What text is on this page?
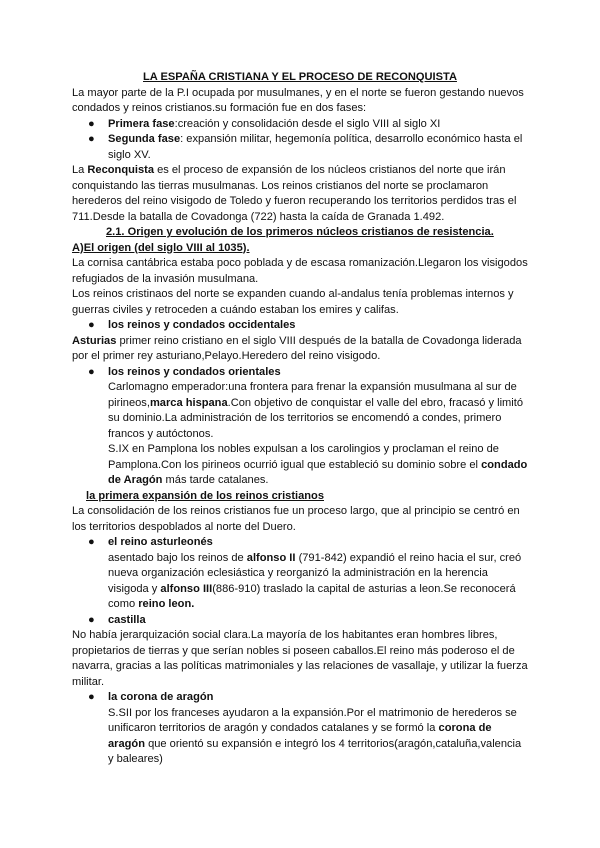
LA ESPAÑA CRISTIANA Y EL PROCESO DE RECONQUISTA

La mayor parte de la P.I ocupada por musulmanes, y en el norte se fueron gestando nuevos condados y reinos cristianos.su formación fue en dos fases:

● Primera fase:creación y consolidación desde el siglo VIII al siglo XI
● Segunda fase: expansión militar, hegemonía política, desarrollo económico hasta el siglo XV.

La Reconquista es el proceso de expansión de los núcleos cristianos del norte que irán conquistando las tierras musulmanas. Los reinos cristianos del norte se proclamaron herederos del reino visigodo de Toledo y fueron recuperando los territorios perdidos tras el 711.Desde la batalla de Covadonga (722) hasta la caída de Granada 1.492.

2.1. Origen y evolución de los primeros núcleos cristianos de resistencia.

A)El origen (del siglo VIII al 1035).

La cornisa cantábrica estaba poco poblada y de escasa romanización.Llegaron los visigodos refugiados de la invasión musulmana.

Los reinos cristinaos del norte se expanden cuando al-andalus tenía problemas internos y guerras civiles y retroceden a cuándo estaban los emires y califas.

● los reinos y condados occidentales

Asturias primer reino cristiano en el siglo VIII después de la batalla de Covadonga liderada por el primer rey asturiano,Pelayo.Heredero del reino visigodo.

● los reinos y condados orientales

Carlomagno emperador:una frontera para frenar la expansión musulmana al sur de pirineos,marca hispana.Con objetivo de conquistar el valle del ebro, fracasó y limitó su dominio.La administración de los territorios se encomendó a condes, primero francos y autóctonos.

S.IX en Pamplona los nobles expulsan a los carolingios y proclaman el reino de Pamplona.Con los pirineos ocurrió igual que estableció su dominio sobre el condado de Aragón más tarde catalanes.

la primera expansión de los reinos cristianos

La consolidación de los reinos cristianos fue un proceso largo, que al principio se centró en los territorios despoblados al norte del Duero.

● el reino asturleonés

asentado bajo los reinos de alfonso II (791-842) expandió el reino hacia el sur, creó nueva organización eclesiástica y reorganizó la administración en la herencia visigoda y alfonso III(886-910) traslado la capital de asturias a leon.Se reconocerá como reino leon.

● castilla

No había jerarquización social clara.La mayoría de los habitantes eran hombres libres, propietarios de tierras y que serían nobles si poseen caballos.El reino más poderoso el de navarra, gracias a las políticas matrimoniales y las relaciones de vasallaje, y utilizar la fuerza militar.

● la corona de aragón

S.SII por los franceses ayudaron a la expansión.Por el matrimonio de herederos se unificaron territorios de aragón y condados catalanes y se formó la corona de aragón que orientó su expansión e integró los 4 territorios(aragón,cataluña,valencia y baleares)
